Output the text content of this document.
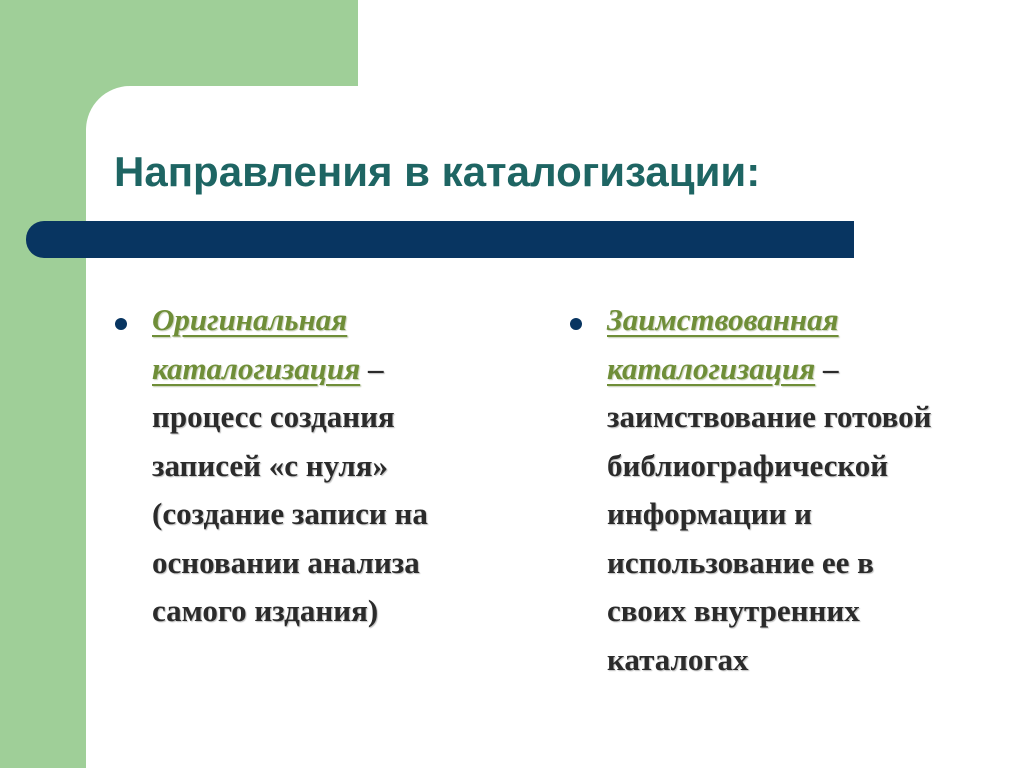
Направления в каталогизации:

Оригинальная
каталогизация –
процесс создания
записей «с нуля»
(создание записи на
основании анализа
самого издания)

Заимствованная
каталогизация –
заимствование готовой
библиографической
информации и
использование ее в
своих внутренних
каталогах
